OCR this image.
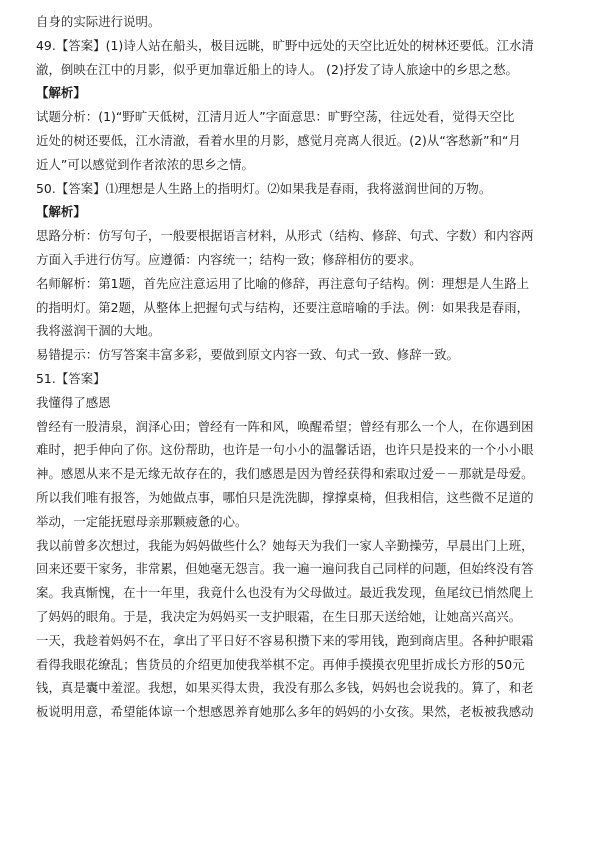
自身的实际进行说明。
49.【答案】(1)诗人站在船头，极目远眺，旷野中远处的天空比近处的树林还要低。江水清
澈，倒映在江中的月影，似乎更加靠近船上的诗人。 (2)抒发了诗人旅途中的乡思之愁。
【解析】
试题分析：(1)“野旷天低树，江清月近人”字面意思：旷野空荡，往远处看，觉得天空比
近处的树还要低，江水清澈，看着水里的月影，感觉月亮离人很近。(2)从“客愁新”和“月
近人”可以感觉到作者浓浓的思乡之情。
50.【答案】⑴理想是人生路上的指明灯。⑵如果我是春雨，我将滋润世间的万物。
【解析】
思路分析：仿写句子，一般要根据语言材料，从形式（结构、修辞、句式、字数）和内容两
方面入手进行仿写。应遵循：内容统一；结构一致；修辞相仿的要求。
名师解析：第1题，首先应注意运用了比喻的修辞，再注意句子结构。例：理想是人生路上
的指明灯。第2题，从整体上把握句式与结构，还要注意暗喻的手法。例：如果我是春雨，
我将滋润干涸的大地。
易错提示：仿写答案丰富多彩，要做到原文内容一致、句式一致、修辞一致。
51.【答案】
我懂得了感恩
曾经有一股清泉，润泽心田；曾经有一阵和风，唤醒希望；曾经有那么一个人，在你遇到困
难时，把手伸向了你。这份帮助，也许是一句小小的温馨话语，也许只是投来的一个小小眼
神。感恩从来不是无缘无故存在的，我们感恩是因为曾经获得和索取过爱－－那就是母爱。
所以我们唯有报答，为她做点事，哪怕只是洗洗脚，撑撑桌椅，但我相信，这些微不足道的
举动，一定能抚慰母亲那颗疲惫的心。
我以前曾多次想过，我能为妈妈做些什么？她每天为我们一家人辛勤操劳，早晨出门上班，
回来还要干家务，非常累，但她毫无怨言。我一遍一遍问我自己同样的问题，但始终没有答
案。我真惭愧，在十一年里，我竟什么也没有为父母做过。最近我发现，鱼尾纹已悄然爬上
了妈妈的眼角。于是，我决定为妈妈买一支护眼霜，在生日那天送给她，让她高兴高兴。
一天，我趁着妈妈不在，拿出了平日好不容易积攒下来的零用钱，跑到商店里。各种护眼霜
看得我眼花缭乱；售货员的介绍更加使我举棋不定。再伸手摸摸衣兜里折成长方形的50元
钱，真是囊中羞涩。我想，如果买得太贵，我没有那么多钱，妈妈也会说我的。算了，和老
板说明用意，希望能体谅一个想感恩养育她那么多年的妈妈的小女孩。果然，老板被我感动
